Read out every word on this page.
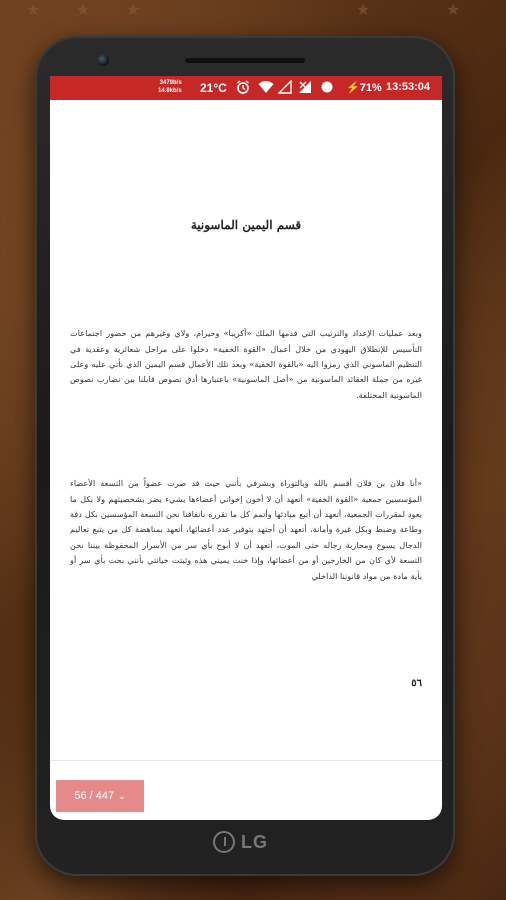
★ ★ ★	★	★
LG
3479b/s
14.8kb/s 21°C	⚡71% 13:53:04
قسم اليمين الماسونية

وبعد عمليات الإعداد والترتيب التي قدمها الملك «أكريبا» وحيرام، ولاي وغيرهم من حضور اجتماعات التأسيس للإنطلاق اليهودي من خلال أعمال «القوة الخفية» دخلوا على مراحل شعائرية وعقدية في التنظيم الماسوني الذي رمزوا اليه «بالقوة الخفية» وبعد تلك الأعمال قسم اليمين الذي نأتي عليه وعلى غيره من جملة العقائد الماسونية من «أصل الماسونية» باعتبارها أدق نصوص قابلنا بين تضارب نصوص الماسونية المختلفة.

«أنا فلان بن فلان أقسم بالله وبالتوراة وبشرفي بأنني حيث قد صرت عضواً من التسعة الأعضاء المؤسسين جمعية «القوة الخفية» أتعهد أن لا أخون إخواني أعضاءها بشيء يضر بشخصيتهم ولا بكل ما يعود لمقررات الجمعية، أتعهد أن أتبع مبادئها وأتمم كل ما تقرره باتفاقنا نحن التسعة المؤسسين بكل دقة وطاعة وضبط وبكل غيرة وأمانة، أتعهد أن أجتهد بتوفير عدد أعضائها، أتعهد بمناهضة كل من يتبع تعاليم الدجال يسوع ومحاربة رجاله حتى الموت، أتعهد أن لا أبوح بأي سر من الأسرار المحفوظة بيننا نحن التسعة لأي كان من الخارجين أو من أعضائها، وإذا خنت يميني هذه وثبتت خيانتي بأنني بحت بأي سر أو بأية مادة من مواد قانوننا الداخلي

٥٦
56 / 447 ⌄
